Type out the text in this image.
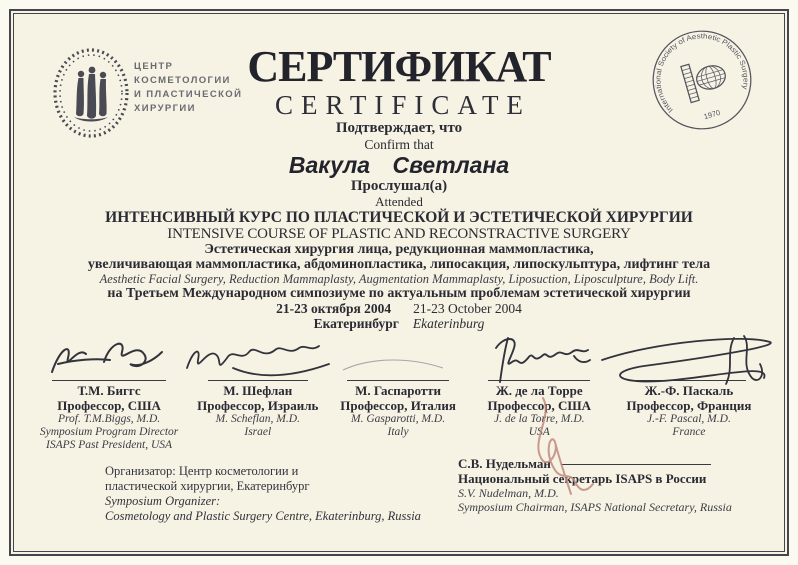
ЦЕНТР
КОСМЕТОЛОГИИ
И ПЛАСТИЧЕСКОЙ
ХИРУРГИИ	International Society of Aesthetic Plastic Surgery
1970
СЕРТИФИКАТ
CERTIFICATE
Подтверждает, что
Confirm that
Вакула Светлана
Прослушал(а)
Attended
ИНТЕНСИВНЫЙ КУРС ПО ПЛАСТИЧЕСКОЙ И ЭСТЕТИЧЕСКОЙ ХИРУРГИИ
INTENSIVE COURSE OF PLASTIC AND RECONSTRACTIVE SURGERY
Эстетическая хирургия лица, редукционная маммопластика,
увеличивающая маммопластика, абдоминопластика, липосакция, липоскульптура, лифтинг тела
Aesthetic Facial Surgery, Reduction Mammaplasty, Augmentation Mammaplasty, Liposuction, Liposculpture, Body Lift.
на Третьем Международном симпозиуме по актуальным проблемам эстетической хирургии
21-23 октября 2004 21-23 October 2004
Екатеринбург Ekaterinburg
Т.М. Биггс
Профессор, США
Prof. T.M.Biggs, M.D.
Symposium Program Director
ISAPS Past President, USA
М. Шефлан
Профессор, Израиль
M. Scheflan, M.D.
Israel
М. Гаспаротти
Профессор, Италия
M. Gasparotti, M.D.
Italy
Ж. де ла Торре
Профессор, США
J. de la Torre, M.D.
USA
Ж.-Ф. Паскаль
Профессор, Франция
J.-F. Pascal, M.D.
France
Организатор: Центр косметологии и
пластической хирургии, Екатеринбург
Symposium Organizer:
Cosmetology and Plastic Surgery Centre, Ekaterinburg, Russia
С.В. Нудельман
Национальный секретарь ISAPS в России
S.V. Nudelman, M.D.
Symposium Chairman, ISAPS National Secretary, Russia
